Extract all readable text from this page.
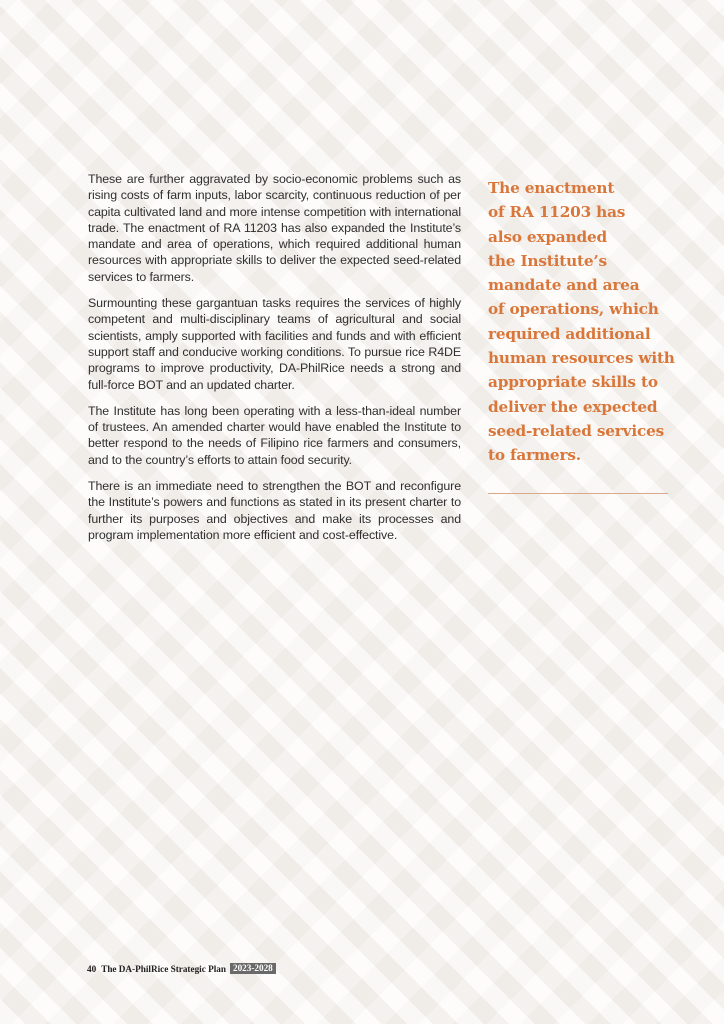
These are further aggravated by socio-economic problems such as rising costs of farm inputs, labor scarcity, continuous reduction of per capita cultivated land and more intense competition with international trade. The enactment of RA 11203 has also expanded the Institute’s mandate and area of operations, which required additional human resources with appropriate skills to deliver the expected seed-related services to farmers.

Surmounting these gargantuan tasks requires the services of highly competent and multi-disciplinary teams of agricultural and social scientists, amply supported with facilities and funds and with efficient support staff and conducive working conditions. To pursue rice R4DE programs to improve productivity, DA-PhilRice needs a strong and full-force BOT and an updated charter.

The Institute has long been operating with a less-than-ideal number of trustees. An amended charter would have enabled the Institute to better respond to the needs of Filipino rice farmers and consumers, and to the country’s efforts to attain food security.

There is an immediate need to strengthen the BOT and reconfigure the Institute’s powers and functions as stated in its present charter to further its purposes and objectives and make its processes and program implementation more efficient and cost-effective.

The enactment
of RA 11203 has
also expanded
the Institute’s
mandate and area
of operations, which
required additional
human resources with
appropriate skills to
deliver the expected
seed-related services
to farmers.
40 The DA-PhilRice Strategic Plan 2023-2028
